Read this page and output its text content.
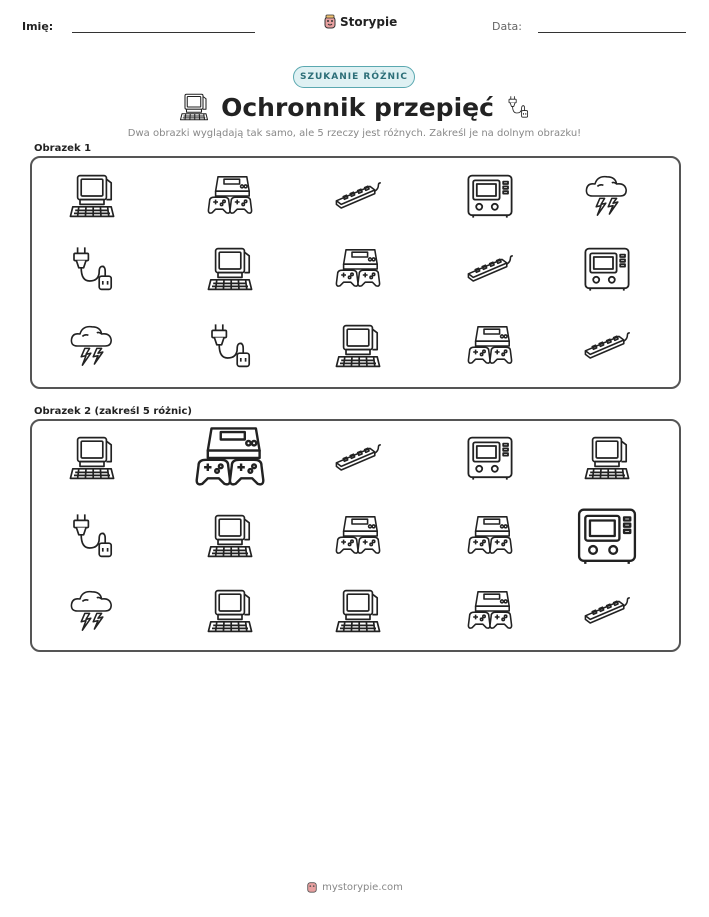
Imię:	Storypie	Data:
SZUKANIE RÓŻNIC
Ochronnik przepięć
Dwa obrazki wyglądają tak samo, ale 5 rzeczy jest różnych. Zakreśl je na dolnym obrazku!
Obrazek 1
Obrazek 2 (zakreśl 5 różnic)
mystorypie.com
